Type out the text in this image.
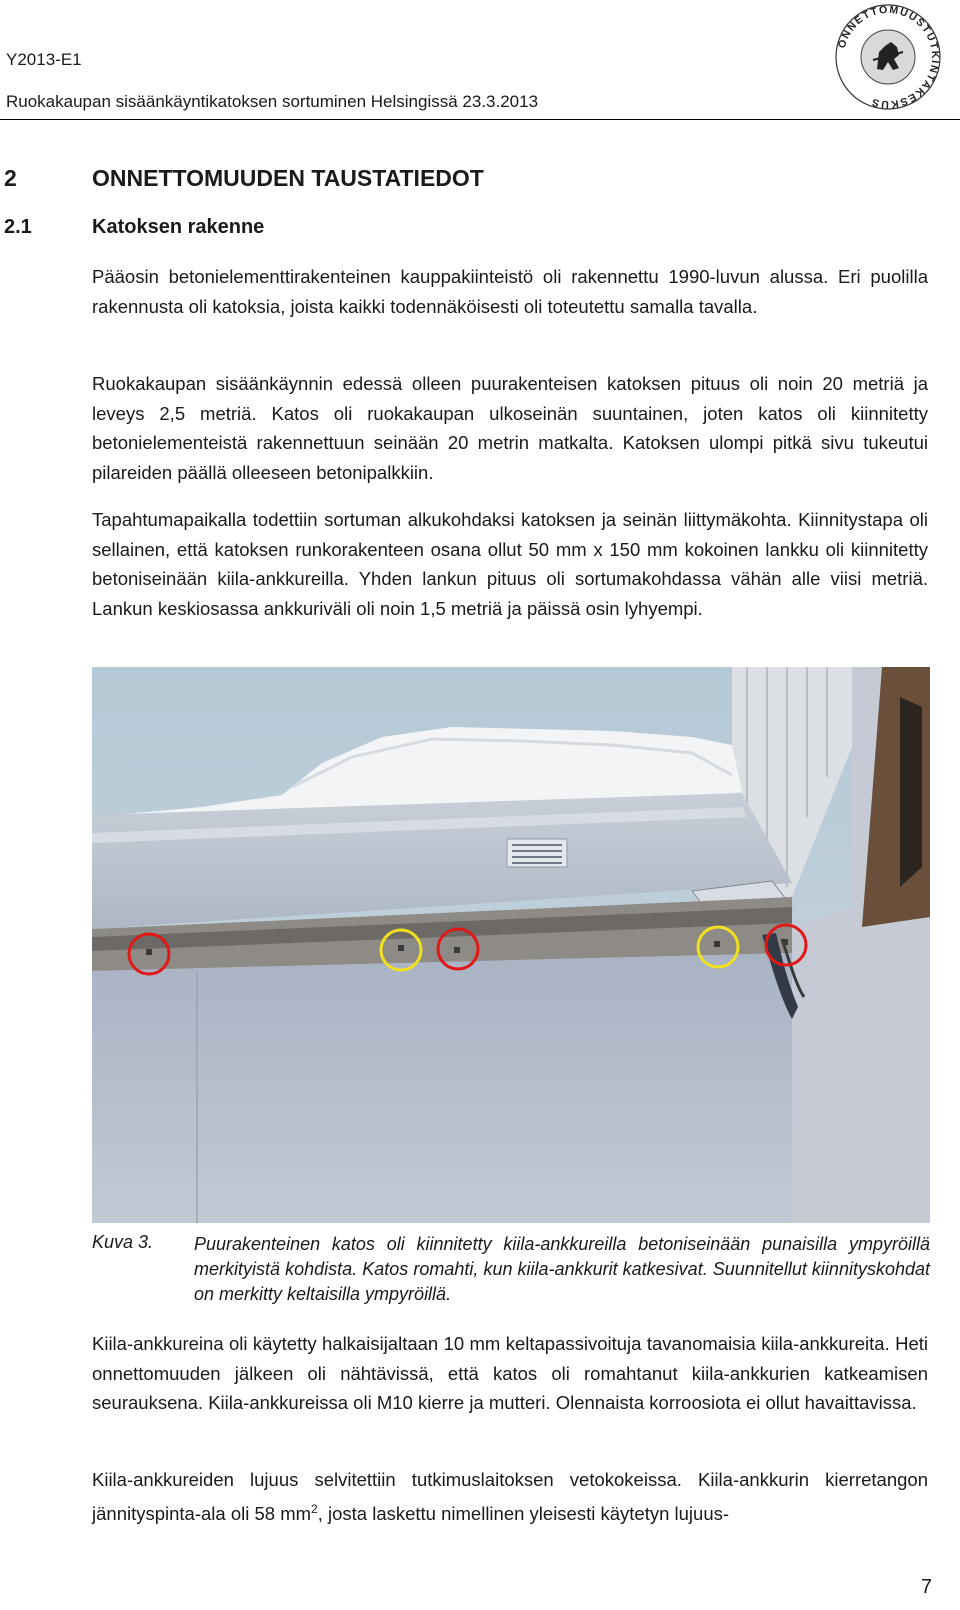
Y2013-E1
Ruokakaupan sisäänkäyntikatoksen sortuminen Helsingissä 23.3.2013
ONNETTOMUUSTUTKINTAKESKUS
2	ONNETTOMUUDEN TAUSTATIEDOT
2.1	Katoksen rakenne

Pääosin betonielementtirakenteinen kauppakiinteistö oli rakennettu 1990-luvun alussa. Eri puolilla rakennusta oli katoksia, joista kaikki todennäköisesti oli toteutettu samalla tavalla.

Ruokakaupan sisäänkäynnin edessä olleen puurakenteisen katoksen pituus oli noin 20 metriä ja leveys 2,5 metriä. Katos oli ruokakaupan ulkoseinän suuntainen, joten katos oli kiinnitetty betonielementeistä rakennettuun seinään 20 metrin matkalta. Katoksen ulompi pitkä sivu tukeutui pilareiden päällä olleeseen betonipalkkiin.

Tapahtumapaikalla todettiin sortuman alkukohdaksi katoksen ja seinän liittymäkohta. Kiinnitystapa oli sellainen, että katoksen runkorakenteen osana ollut 50 mm x 150 mm kokoinen lankku oli kiinnitetty betoniseinään kiila-ankkureilla. Yhden lankun pituus oli sortumakohdassa vähän alle viisi metriä. Lankun keskiosassa ankkuriväli oli noin 1,5 metriä ja päissä osin lyhyempi.

Kuva 3. Puurakenteinen katos oli kiinnitetty kiila-ankkureilla betoniseinään punaisilla ympyröillä merkityistä kohdista. Katos romahti, kun kiila-ankkurit katkesivat. Suunnitellut kiinnityskohdat on merkitty keltaisilla ympyröillä.

Kiila-ankkureina oli käytetty halkaisijaltaan 10 mm keltapassivoituja tavanomaisia kiila-ankkureita. Heti onnettomuuden jälkeen oli nähtävissä, että katos oli romahtanut kiila-ankkurien katkeamisen seurauksena. Kiila-ankkureissa oli M10 kierre ja mutteri. Olennaista korroosiota ei ollut havaittavissa.

Kiila-ankkureiden lujuus selvitettiin tutkimuslaitoksen vetokokeissa. Kiila-ankkurin kierretangon jännityspinta-ala oli 58 $mm^2$, josta laskettu nimellinen yleisesti käytetyn lujuus-

7
